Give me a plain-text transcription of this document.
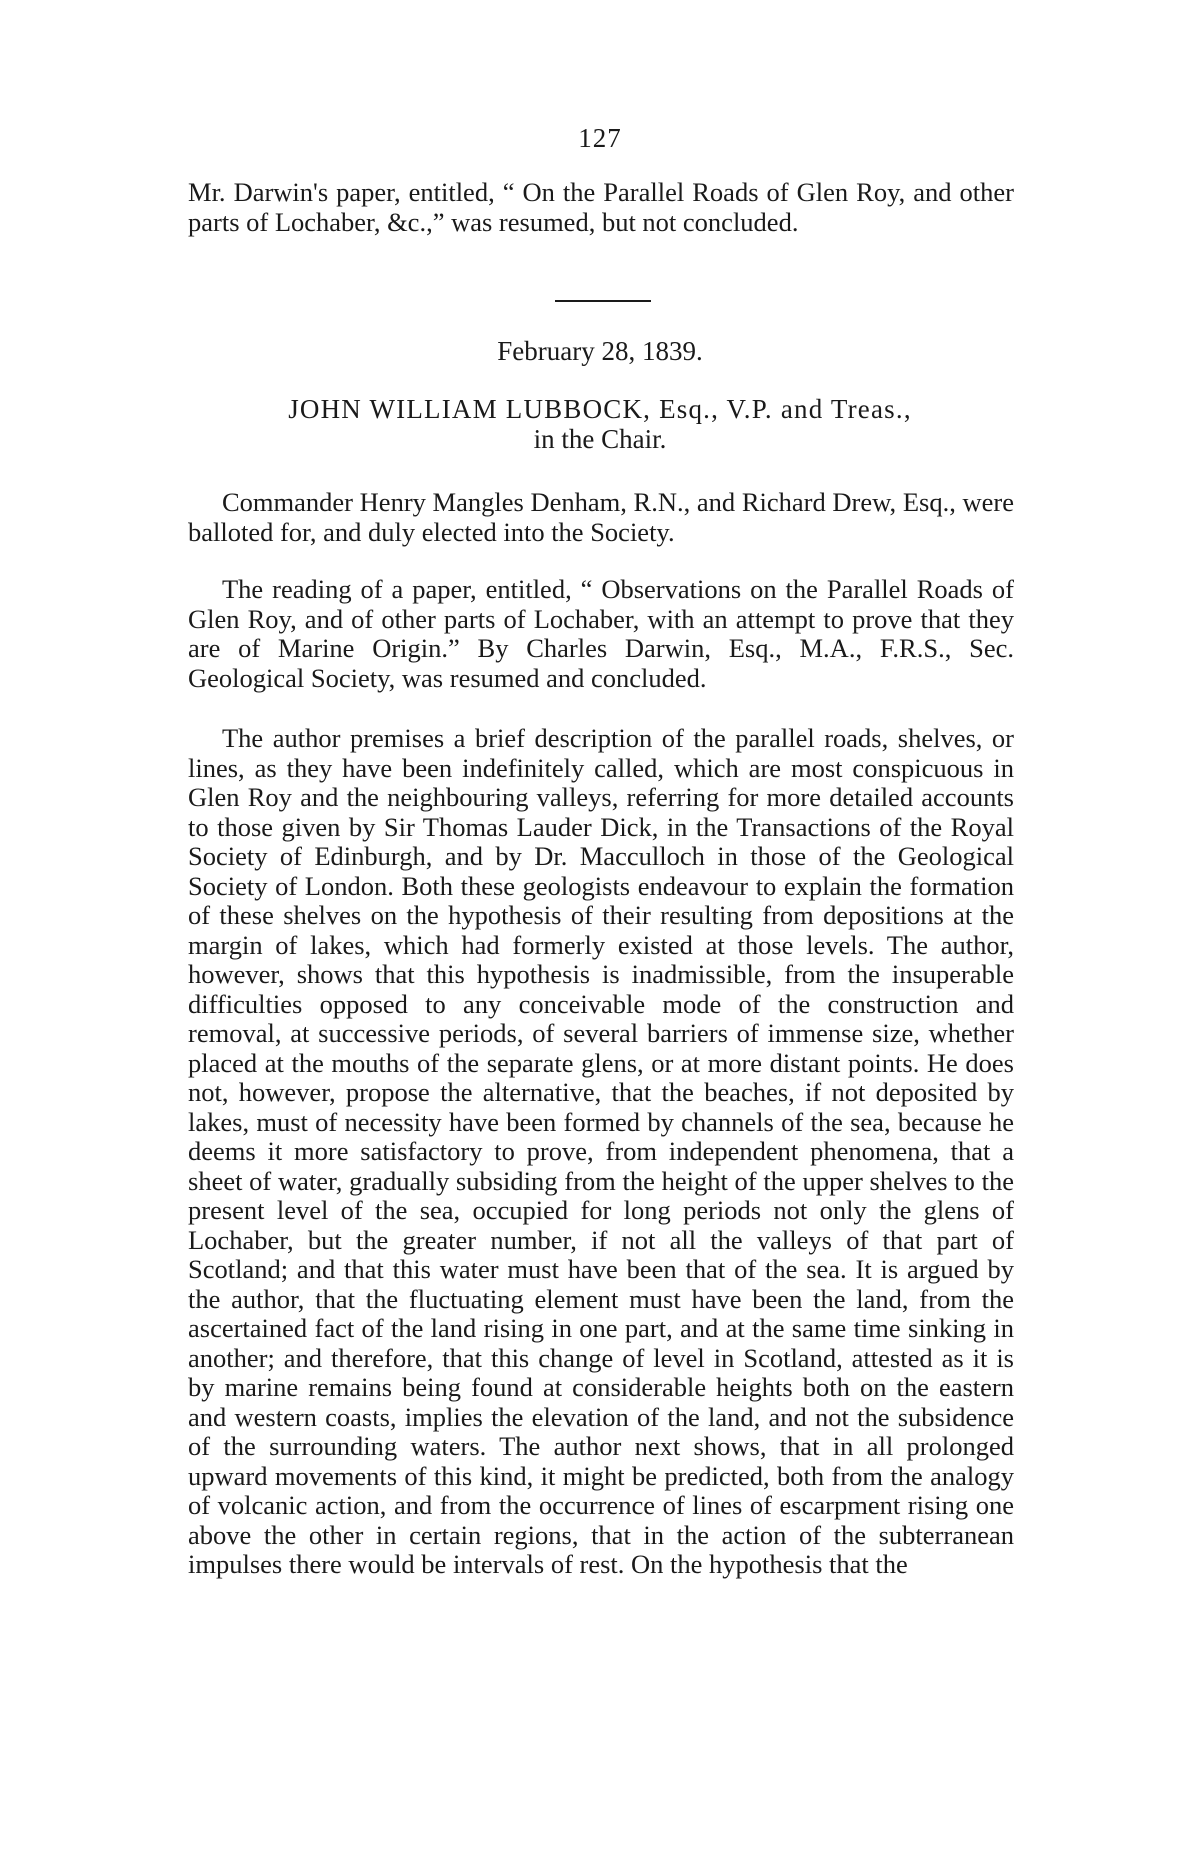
127
Mr. Darwin's paper, entitled, “ On the Parallel Roads of Glen Roy, and other parts of Lochaber, &c.,” was resumed, but not concluded.
February 28, 1839.
JOHN WILLIAM LUBBOCK, Esq., V.P. and Treas.,
in the Chair.
Commander Henry Mangles Denham, R.N., and Richard Drew, Esq., were balloted for, and duly elected into the Society.
The reading of a paper, entitled, “ Observations on the Parallel Roads of Glen Roy, and of other parts of Lochaber, with an attempt to prove that they are of Marine Origin.” By Charles Darwin, Esq., M.A., F.R.S., Sec. Geological Society, was resumed and concluded.
The author premises a brief description of the parallel roads, shelves, or lines, as they have been indefinitely called, which are most conspicuous in Glen Roy and the neighbouring valleys, referring for more detailed accounts to those given by Sir Thomas Lauder Dick, in the Transactions of the Royal Society of Edinburgh, and by Dr. Macculloch in those of the Geological Society of London. Both these geologists endeavour to explain the formation of these shelves on the hypothesis of their resulting from depositions at the margin of lakes, which had formerly existed at those levels. The author, however, shows that this hypothesis is inadmissible, from the insuperable difficulties opposed to any conceivable mode of the construction and removal, at successive periods, of several barriers of immense size, whether placed at the mouths of the separate glens, or at more distant points. He does not, however, propose the alternative, that the beaches, if not deposited by lakes, must of necessity have been formed by channels of the sea, because he deems it more satisfactory to prove, from independent phenomena, that a sheet of water, gradually subsiding from the height of the upper shelves to the present level of the sea, occupied for long periods not only the glens of Lochaber, but the greater number, if not all the valleys of that part of Scotland; and that this water must have been that of the sea. It is argued by the author, that the fluctuating element must have been the land, from the ascertained fact of the land rising in one part, and at the same time sinking in another; and therefore, that this change of level in Scotland, attested as it is by marine remains being found at considerable heights both on the eastern and western coasts, implies the elevation of the land, and not the subsidence of the surrounding waters. The author next shows, that in all prolonged upward movements of this kind, it might be predicted, both from the analogy of volcanic action, and from the occurrence of lines of escarpment rising one above the other in certain regions, that in the action of the subterranean impulses there would be intervals of rest. On the hypothesis that the
